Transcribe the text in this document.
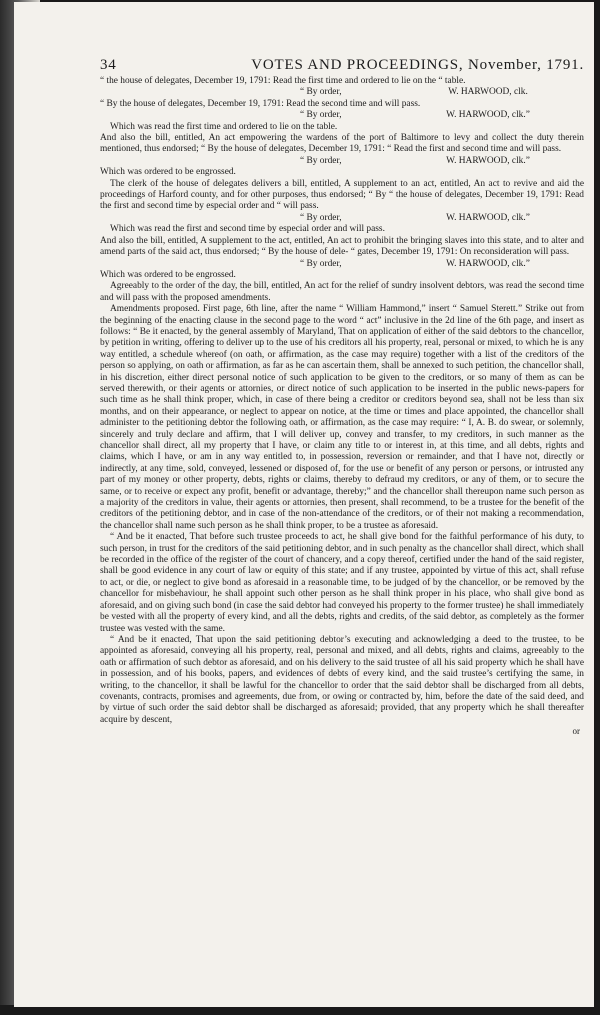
34	VOTES AND PROCEEDINGS, November, 1791.

“ the house of delegates, December 19, 1791: Read the first time and ordered to lie on the “ table.

“ By order,	W. HARWOOD, clk.

“ By the house of delegates, December 19, 1791: Read the second time and will pass.

“ By order,	W. HARWOOD, clk.”

Which was read the first time and ordered to lie on the table.

And also the bill, entitled, An act empowering the wardens of the port of Baltimore to levy and collect the duty therein mentioned, thus endorsed; “ By the house of delegates, December 19, 1791: “ Read the first and second time and will pass.

“ By order,	W. HARWOOD, clk.”

Which was ordered to be engrossed.

The clerk of the house of delegates delivers a bill, entitled, A supplement to an act, entitled, An act to revive and aid the proceedings of Harford county, and for other purposes, thus endorsed; “ By “ the house of delegates, December 19, 1791: Read the first and second time by especial order and “ will pass.

“ By order,	W. HARWOOD, clk.”

Which was read the first and second time by especial order and will pass.

And also the bill, entitled, A supplement to the act, entitled, An act to prohibit the bringing slaves into this state, and to alter and amend parts of the said act, thus endorsed; “ By the house of dele- “ gates, December 19, 1791: On reconsideration will pass.

“ By order,	W. HARWOOD, clk.”

Which was ordered to be engrossed.

Agreeably to the order of the day, the bill, entitled, An act for the relief of sundry insolvent debtors, was read the second time and will pass with the proposed amendments.

Amendments proposed. First page, 6th line, after the name “ William Hammond,” insert “ Samuel Sterett.” Strike out from the beginning of the enacting clause in the second page to the word “ act” inclusive in the 2d line of the 6th page, and insert as follows: “ Be it enacted, by the general assembly of Maryland, That on application of either of the said debtors to the chancellor, by petition in writing, offering to deliver up to the use of his creditors all his property, real, personal or mixed, to which he is any way entitled, a schedule whereof (on oath, or affirmation, as the case may require) together with a list of the creditors of the person so applying, on oath or affirmation, as far as he can ascertain them, shall be annexed to such petition, the chancellor shall, in his discretion, either direct personal notice of such application to be given to the creditors, or so many of them as can be served therewith, or their agents or attornies, or direct notice of such application to be inserted in the public news-papers for such time as he shall think proper, which, in case of there being a creditor or creditors beyond sea, shall not be less than six months, and on their appearance, or neglect to appear on notice, at the time or times and place appointed, the chancellor shall administer to the petitioning debtor the following oath, or affirmation, as the case may require: “ I, A. B. do swear, or solemnly, sincerely and truly declare and affirm, that I will deliver up, convey and transfer, to my creditors, in such manner as the chancellor shall direct, all my property that I have, or claim any title to or interest in, at this time, and all debts, rights and claims, which I have, or am in any way entitled to, in possession, reversion or remainder, and that I have not, directly or indirectly, at any time, sold, conveyed, lessened or disposed of, for the use or benefit of any person or persons, or intrusted any part of my money or other property, debts, rights or claims, thereby to defraud my creditors, or any of them, or to secure the same, or to receive or expect any profit, benefit or advantage, thereby;” and the chancellor shall thereupon name such person as a majority of the creditors in value, their agents or attornies, then present, shall recommend, to be a trustee for the benefit of the creditors of the petitioning debtor, and in case of the non-attendance of the creditors, or of their not making a recommendation, the chancellor shall name such person as he shall think proper, to be a trustee as aforesaid.

“ And be it enacted, That before such trustee proceeds to act, he shall give bond for the faithful performance of his duty, to such person, in trust for the creditors of the said petitioning debtor, and in such penalty as the chancellor shall direct, which shall be recorded in the office of the register of the court of chancery, and a copy thereof, certified under the hand of the said register, shall be good evidence in any court of law or equity of this state; and if any trustee, appointed by virtue of this act, shall refuse to act, or die, or neglect to give bond as aforesaid in a reasonable time, to be judged of by the chancellor, or be removed by the chancellor for misbehaviour, he shall appoint such other person as he shall think proper in his place, who shall give bond as aforesaid, and on giving such bond (in case the said debtor had conveyed his property to the former trustee) he shall immediately be vested with all the property of every kind, and all the debts, rights and credits, of the said debtor, as completely as the former trustee was vested with the same.

“ And be it enacted, That upon the said petitioning debtor’s executing and acknowledging a deed to the trustee, to be appointed as aforesaid, conveying all his property, real, personal and mixed, and all debts, rights and claims, agreeably to the oath or affirmation of such debtor as aforesaid, and on his delivery to the said trustee of all his said property which he shall have in possession, and of his books, papers, and evidences of debts of every kind, and the said trustee’s certifying the same, in writing, to the chancellor, it shall be lawful for the chancellor to order that the said debtor shall be discharged from all debts, covenants, contracts, promises and agreements, due from, or owing or contracted by, him, before the date of the said deed, and by virtue of such order the said debtor shall be discharged as aforesaid; provided, that any property which he shall thereafter acquire by descent,

or
